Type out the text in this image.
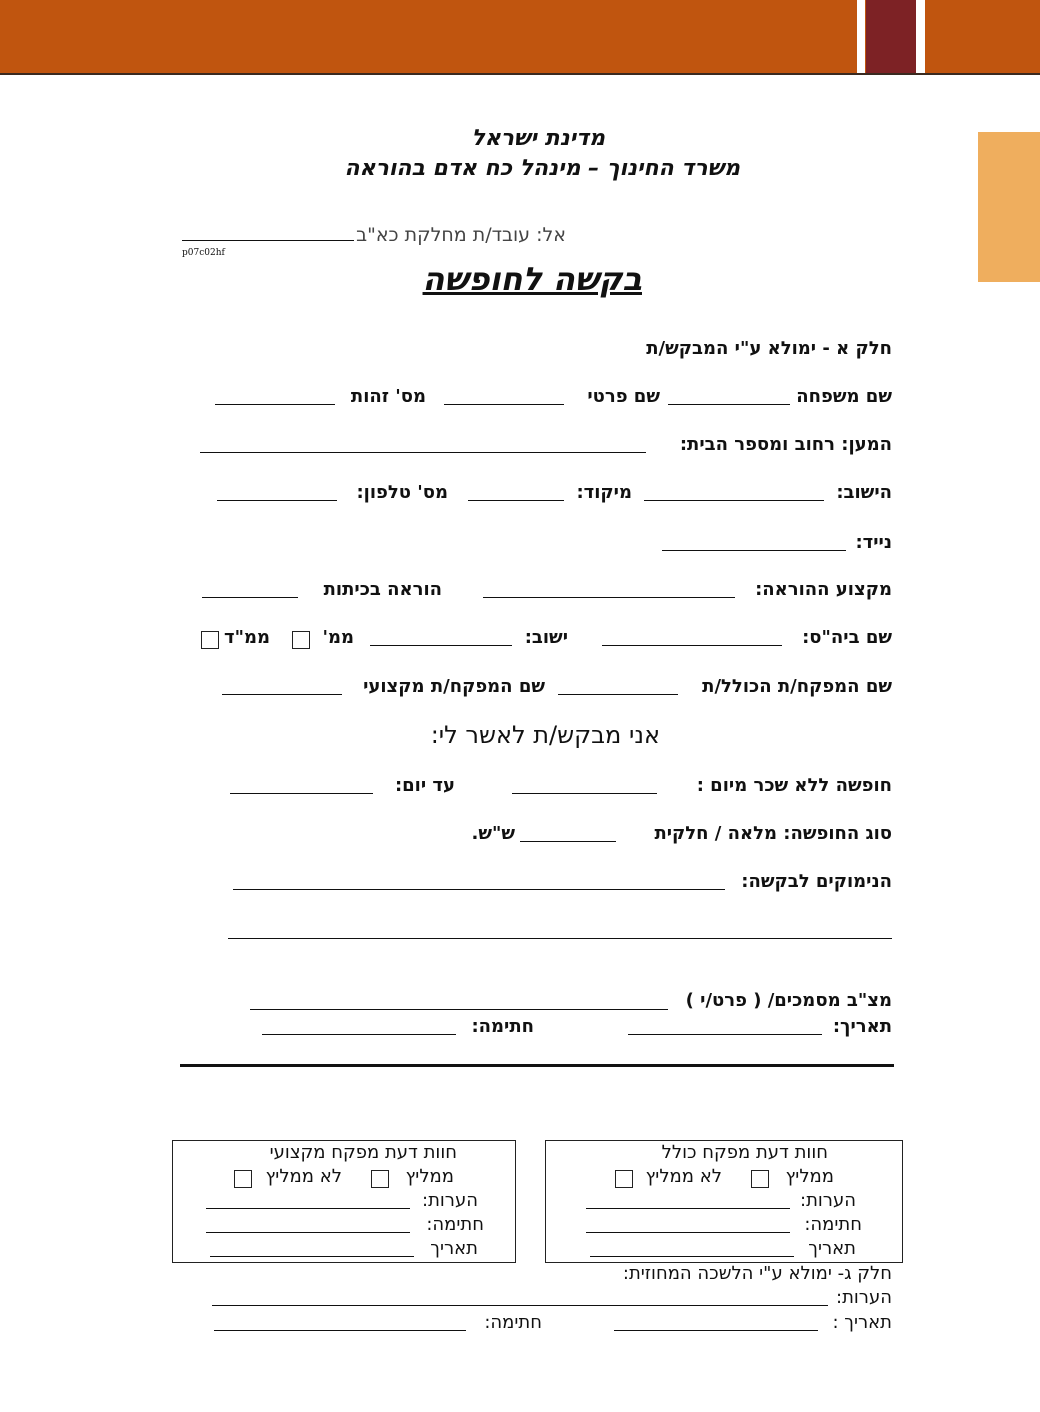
מדינת ישראל
משרד החינוך – מינהל כח אדם בהוראה
אל: עובד/ת מחלקת כא"ב
p07c02hf
בקשה לחופשה
חלק א - ימולא ע"י המבקש/ת
שם משפחה
שם פרטי
מס' זהות
המען: רחוב ומספר הבית:
הישוב:
מיקוד:
מס' טלפון:
נייד:
מקצוע ההוראה:
הוראה בכיתות
שם ביה"ס:
ישוב:
ממ'
ממ"ד
שם המפקח/ת הכולל/ת
שם המפקח/ת מקצועי
אני מבקש/ת לאשר לי:
חופשה ללא שכר מיום :
עד יום:
סוג החופשה: מלאה / חלקית
ש"ש.
הנימוקים לבקשה:
מצ"ב מסמכים/ ( פרט/י )
תאריך:
חתימה:
חוות דעת מפקח כולל
ממליץ
לא ממליץ
הערות:
חתימה:
תאריך
חוות דעת מפקח מקצועי
ממליץ
לא ממליץ
הערות:
חתימה:
תאריך
חלק ג- ימולא ע"י הלשכה המחוזית:
הערות:
תאריך :
חתימה:
